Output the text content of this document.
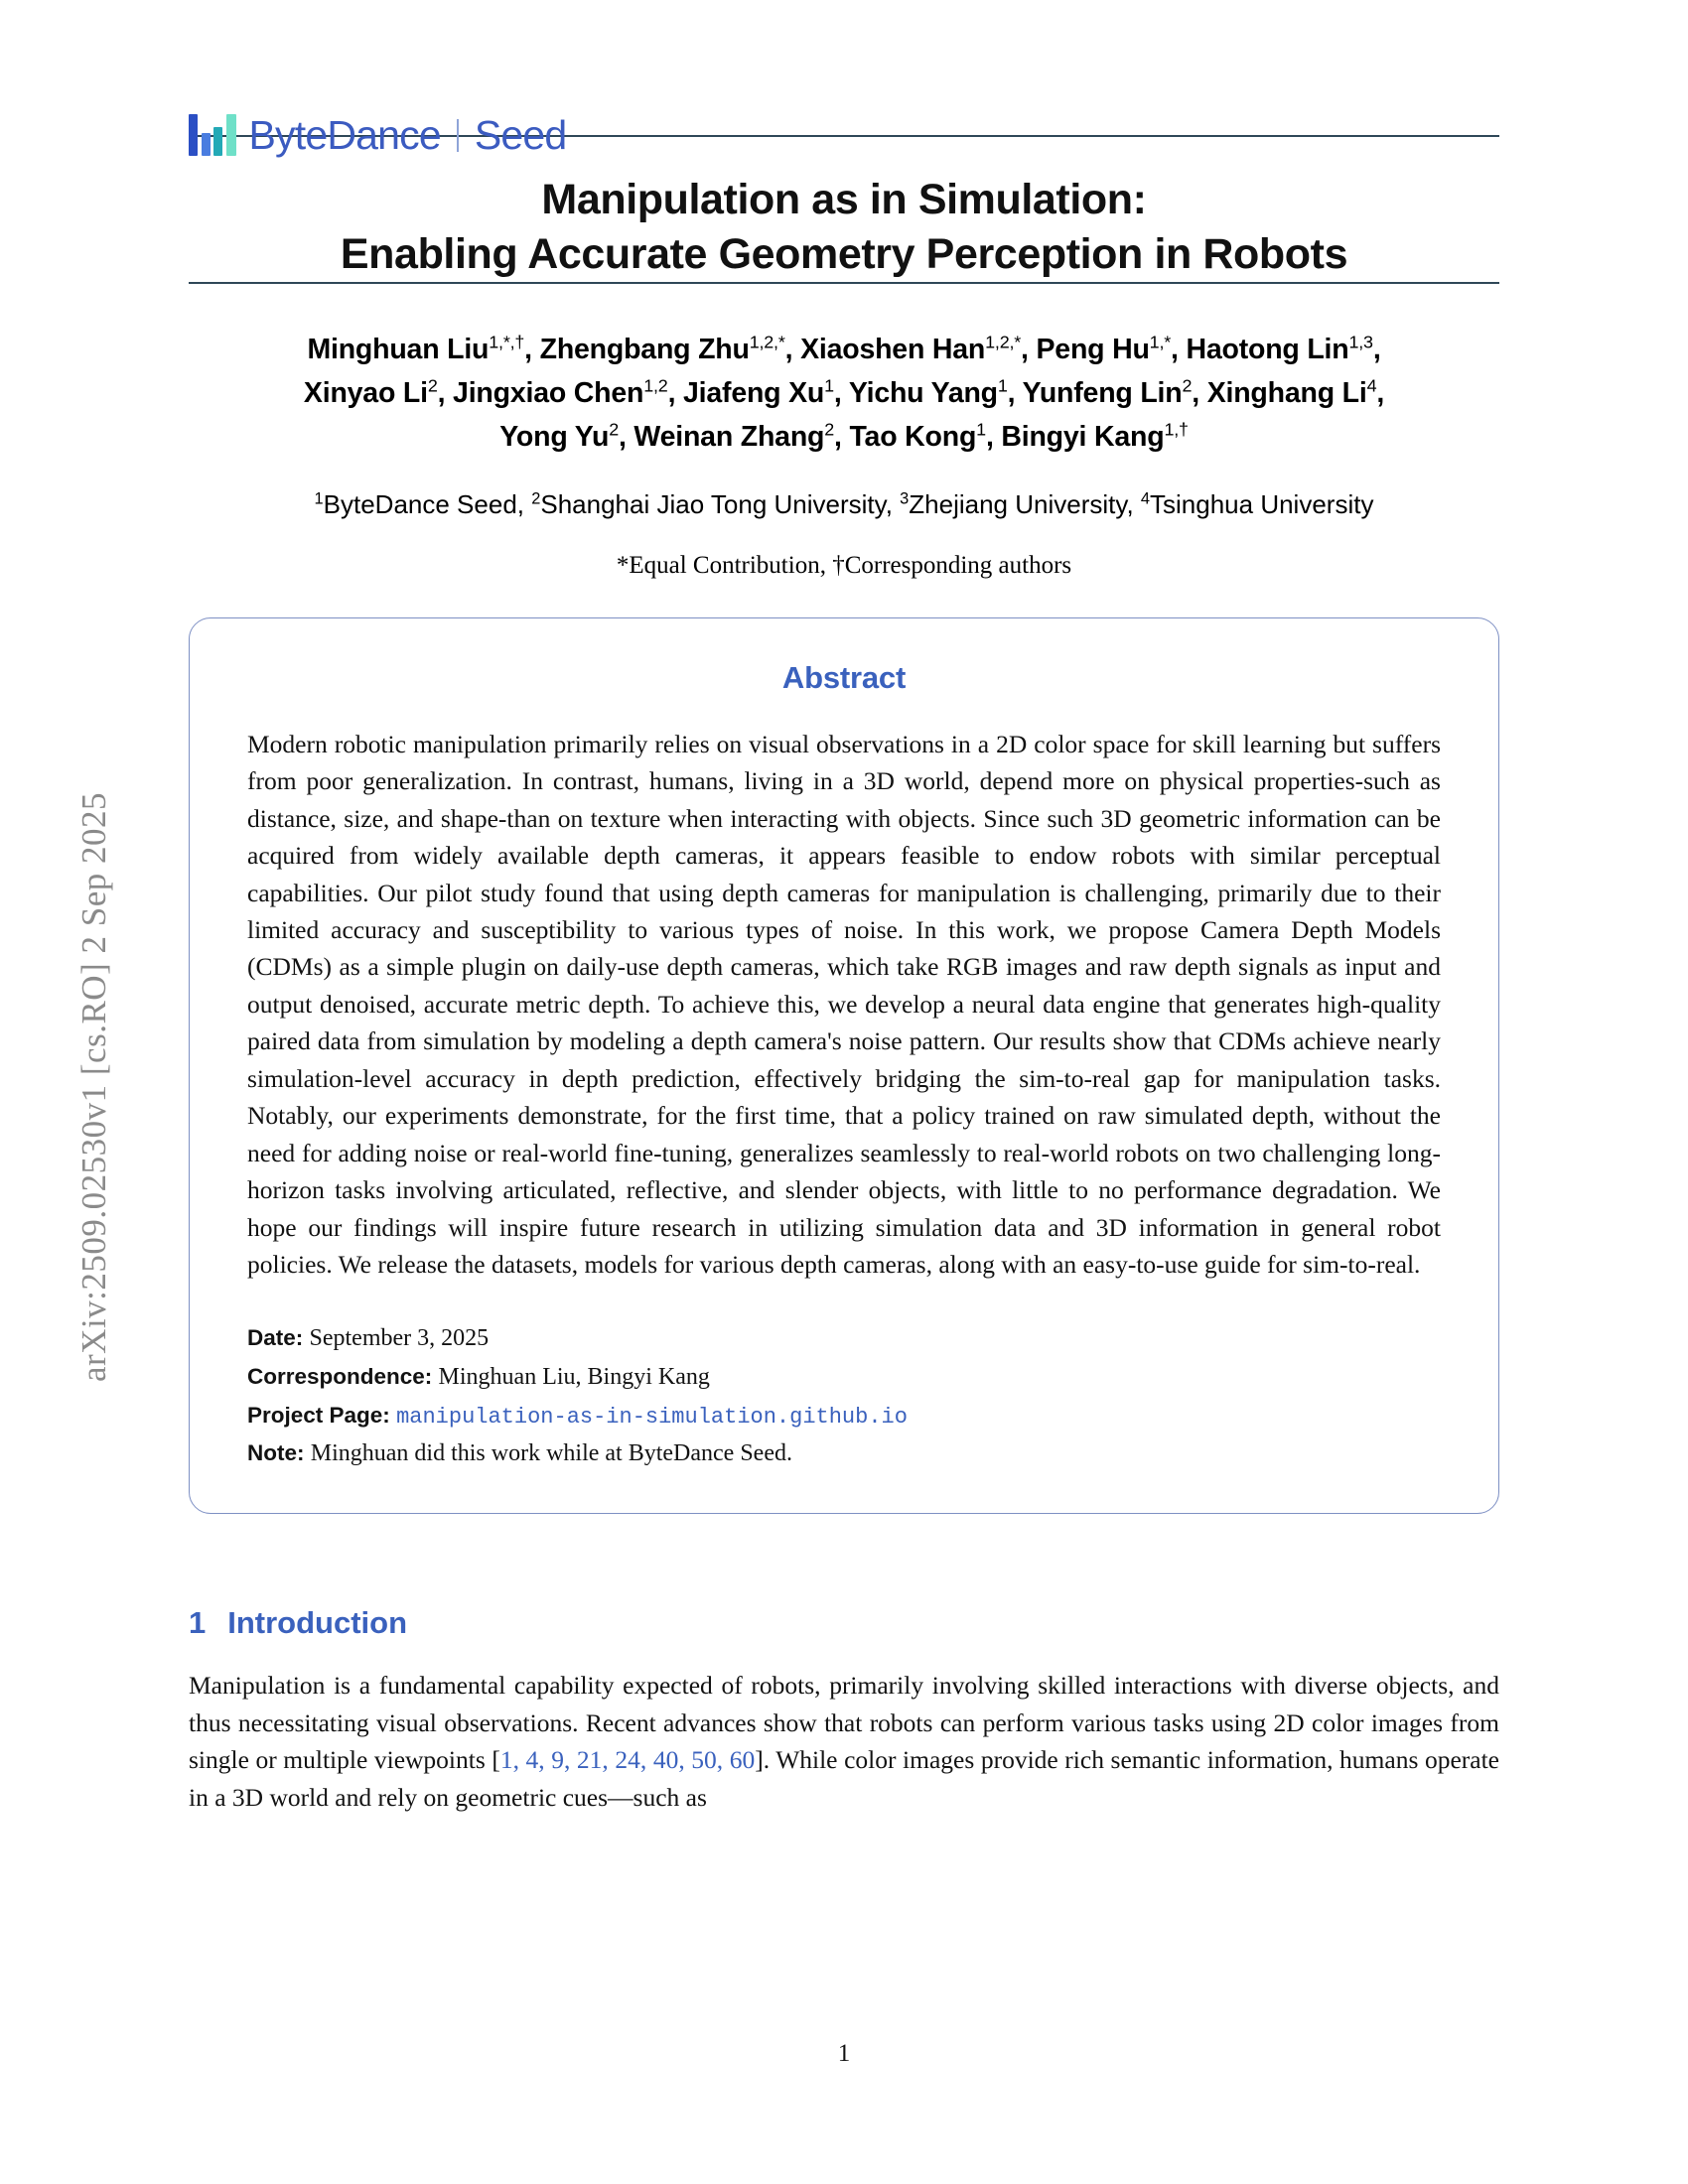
arXiv:2509.02530v1 [cs.RO] 2 Sep 2025
ByteDance Seed
Manipulation as in Simulation:
Enabling Accurate Geometry Perception in Robots
Minghuan Liu$^{1,*,\dagger}$, Zhengbang Zhu$^{1,2,*}$, Xiaoshen Han$^{1,2,*}$, Peng $Hu^{1,*}$, Haotong Lin$^{1,3}$,
Xinyao Li$^2$, Jingxiao Chen$^{1,2}$, Jiafeng Xu$^1$, Yichu Yang$^1$, Yunfeng Lin$^2$, Xinghang Li$^4$,
Yong Yu$^2$, Weinan Zhang$^2$, Tao Kong$^1$, Bingyi Kang$^{1,\dagger}$
$^1$ByteDance Seed, $^2$Shanghai Jiao Tong University, $^3$Zhejiang University, $^4$Tsinghua University
*Equal Contribution, †Corresponding authors
Abstract
Modern robotic manipulation primarily relies on visual observations in a 2D color space for skill learning but suffers from poor generalization. In contrast, humans, living in a 3D world, depend more on physical properties-such as distance, size, and shape-than on texture when interacting with objects. Since such 3D geometric information can be acquired from widely available depth cameras, it appears feasible to endow robots with similar perceptual capabilities. Our pilot study found that using depth cameras for manipulation is challenging, primarily due to their limited accuracy and susceptibility to various types of noise. In this work, we propose Camera Depth Models (CDMs) as a simple plugin on daily-use depth cameras, which take RGB images and raw depth signals as input and output denoised, accurate metric depth. To achieve this, we develop a neural data engine that generates high-quality paired data from simulation by modeling a depth camera's noise pattern. Our results show that CDMs achieve nearly simulation-level accuracy in depth prediction, effectively bridging the sim-to-real gap for manipulation tasks. Notably, our experiments demonstrate, for the first time, that a policy trained on raw simulated depth, without the need for adding noise or real-world fine-tuning, generalizes seamlessly to real-world robots on two challenging long-horizon tasks involving articulated, reflective, and slender objects, with little to no performance degradation. We hope our findings will inspire future research in utilizing simulation data and 3D information in general robot policies. We release the datasets, models for various depth cameras, along with an easy-to-use guide for sim-to-real.
Date: September 3, 2025
Correspondence: Minghuan Liu, Bingyi Kang
Project Page: manipulation-as-in-simulation.github.io
Note: Minghuan did this work while at ByteDance Seed.
1 Introduction

Manipulation is a fundamental capability expected of robots, primarily involving skilled interactions with diverse objects, and thus necessitating visual observations. Recent advances show that robots can perform various tasks using 2D color images from single or multiple viewpoints [1, 4, 9, 21, 24, 40, 50, 60]. While color images provide rich semantic information, humans operate in a 3D world and rely on geometric cues—such as

1
